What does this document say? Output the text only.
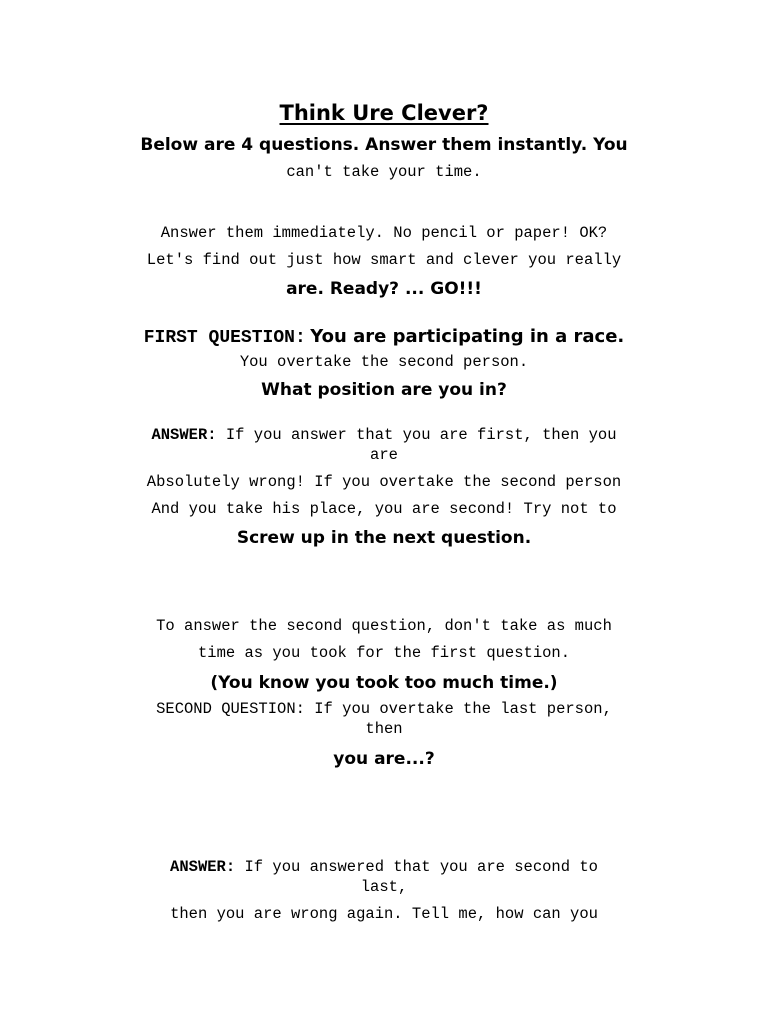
Think Ure Clever?
Below are 4 questions. Answer them instantly. You
can't take your time.
Answer them immediately. No pencil or paper! OK?
Let's find out just how smart and clever you really
are. Ready? ... GO!!!
FIRST QUESTION: You are participating in a race.
You overtake the second person.
What position are you in?
ANSWER: If you answer that you are first, then you
are
Absolutely wrong! If you overtake the second person
And you take his place, you are second! Try not to
Screw up in the next question.
To answer the second question, don't take as much
time as you took for the first question.
(You know you took too much time.)
SECOND QUESTION: If you overtake the last person,
then
you are...?
ANSWER: If you answered that you are second to
last,
then you are wrong again. Tell me, how can you
